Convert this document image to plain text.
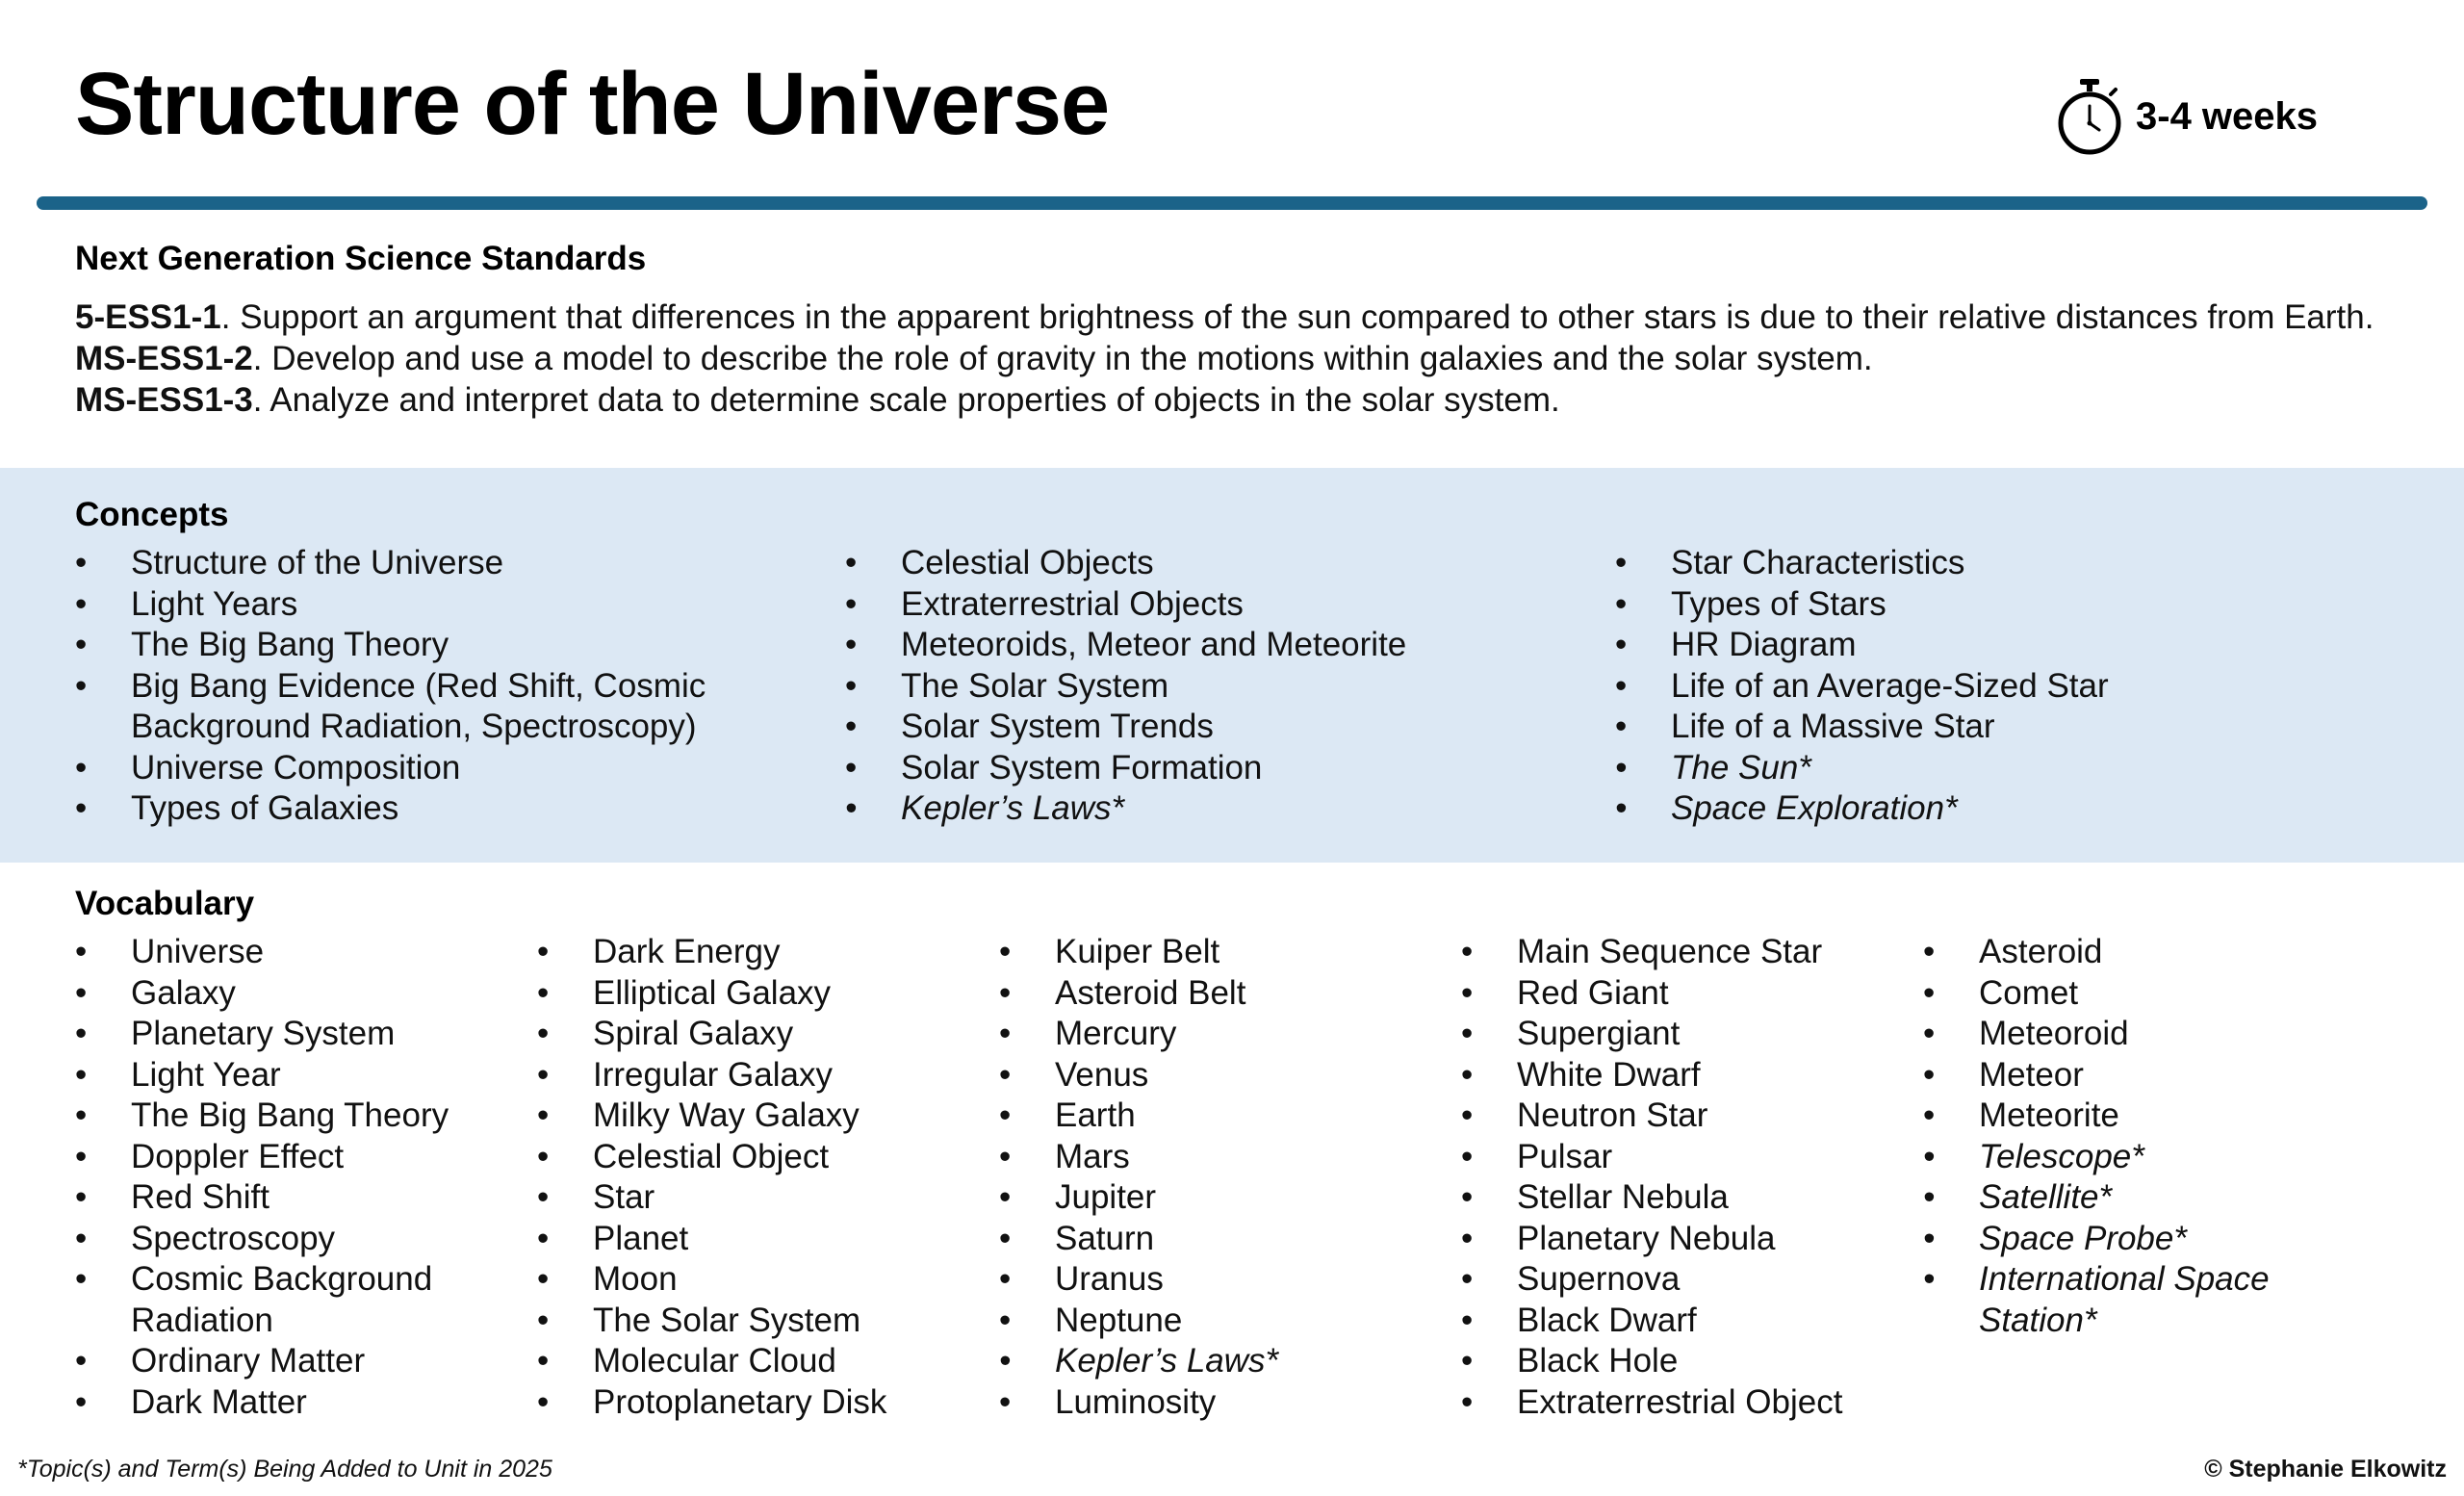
Structure of the Universe	3-4 weeks
Next Generation Science Standards

5-ESS1-1. Support an argument that differences in the apparent brightness of the sun compared to other stars is due to their relative distances from Earth.

MS-ESS1-2. Develop and use a model to describe the role of gravity in the motions within galaxies and the solar system.

MS-ESS1-3. Analyze and interpret data to determine scale properties of objects in the solar system.

Concepts
• Structure of the Universe
• Light Years
• The Big Bang Theory
• Big Bang Evidence (Red Shift, Cosmic Background Radiation, Spectroscopy)
• Universe Composition
• Types of Galaxies
• Celestial Objects
• Extraterrestrial Objects
• Meteoroids, Meteor and Meteorite
• The Solar System
• Solar System Trends
• Solar System Formation
• Kepler’s Laws*
• Star Characteristics
• Types of Stars
• HR Diagram
• Life of an Average-Sized Star
• Life of a Massive Star
• The Sun*
• Space Exploration*
Vocabulary
• Universe
• Galaxy
• Planetary System
• Light Year
• The Big Bang Theory
• Doppler Effect
• Red Shift
• Spectroscopy
• Cosmic Background Radiation
• Ordinary Matter
• Dark Matter
• Dark Energy
• Elliptical Galaxy
• Spiral Galaxy
• Irregular Galaxy
• Milky Way Galaxy
• Celestial Object
• Star
• Planet
• Moon
• The Solar System
• Molecular Cloud
• Protoplanetary Disk
• Kuiper Belt
• Asteroid Belt
• Mercury
• Venus
• Earth
• Mars
• Jupiter
• Saturn
• Uranus
• Neptune
• Kepler’s Laws*
• Luminosity
• Main Sequence Star
• Red Giant
• Supergiant
• White Dwarf
• Neutron Star
• Pulsar
• Stellar Nebula
• Planetary Nebula
• Supernova
• Black Dwarf
• Black Hole
• Extraterrestrial Object
• Asteroid
• Comet
• Meteoroid
• Meteor
• Meteorite
• Telescope*
• Satellite*
• Space Probe*
• International Space Station*
*Topic(s) and Term(s) Being Added to Unit in 2025	© Stephanie Elkowitz
